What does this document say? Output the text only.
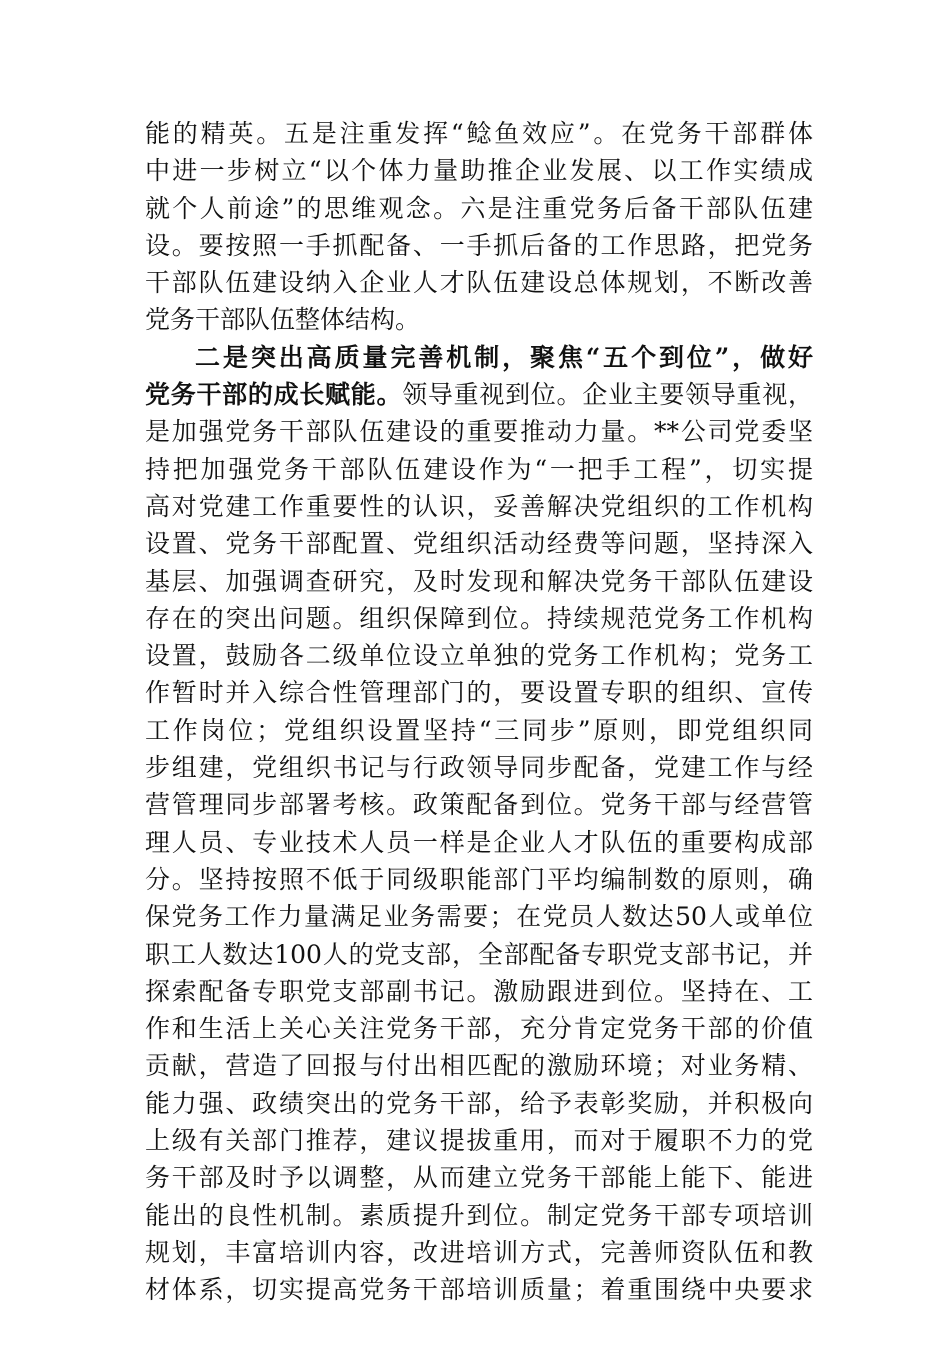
能的精英。五是注重发挥“鲶鱼效应”。在党务干部群体
中进一步树立“以个体力量助推企业发展、以工作实绩成
就个人前途”的思维观念。六是注重党务后备干部队伍建
设。要按照一手抓配备、一手抓后备的工作思路，把党务
干部队伍建设纳入企业人才队伍建设总体规划，不断改善
党务干部队伍整体结构。
二是突出高质量完善机制，聚焦“五个到位”，做好
党务干部的成长赋能。领导重视到位。企业主要领导重视，
是加强党务干部队伍建设的重要推动力量。**公司党委坚
持把加强党务干部队伍建设作为“一把手工程”，切实提
高对党建工作重要性的认识，妥善解决党组织的工作机构
设置、党务干部配置、党组织活动经费等问题，坚持深入
基层、加强调查研究，及时发现和解决党务干部队伍建设
存在的突出问题。组织保障到位。持续规范党务工作机构
设置，鼓励各二级单位设立单独的党务工作机构；党务工
作暂时并入综合性管理部门的，要设置专职的组织、宣传
工作岗位；党组织设置坚持“三同步”原则，即党组织同
步组建，党组织书记与行政领导同步配备，党建工作与经
营管理同步部署考核。政策配备到位。党务干部与经营管
理人员、专业技术人员一样是企业人才队伍的重要构成部
分。坚持按照不低于同级职能部门平均编制数的原则，确
保党务工作力量满足业务需要；在党员人数达50人或单位
职工人数达100人的党支部，全部配备专职党支部书记，并
探索配备专职党支部副书记。激励跟进到位。坚持在、工
作和生活上关心关注党务干部，充分肯定党务干部的价值
贡献，营造了回报与付出相匹配的激励环境；对业务精、
能力强、政绩突出的党务干部，给予表彰奖励，并积极向
上级有关部门推荐，建议提拔重用，而对于履职不力的党
务干部及时予以调整，从而建立党务干部能上能下、能进
能出的良性机制。素质提升到位。制定党务干部专项培训
规划，丰富培训内容，改进培训方式，完善师资队伍和教
材体系，切实提高党务干部培训质量；着重围绕中央要求
